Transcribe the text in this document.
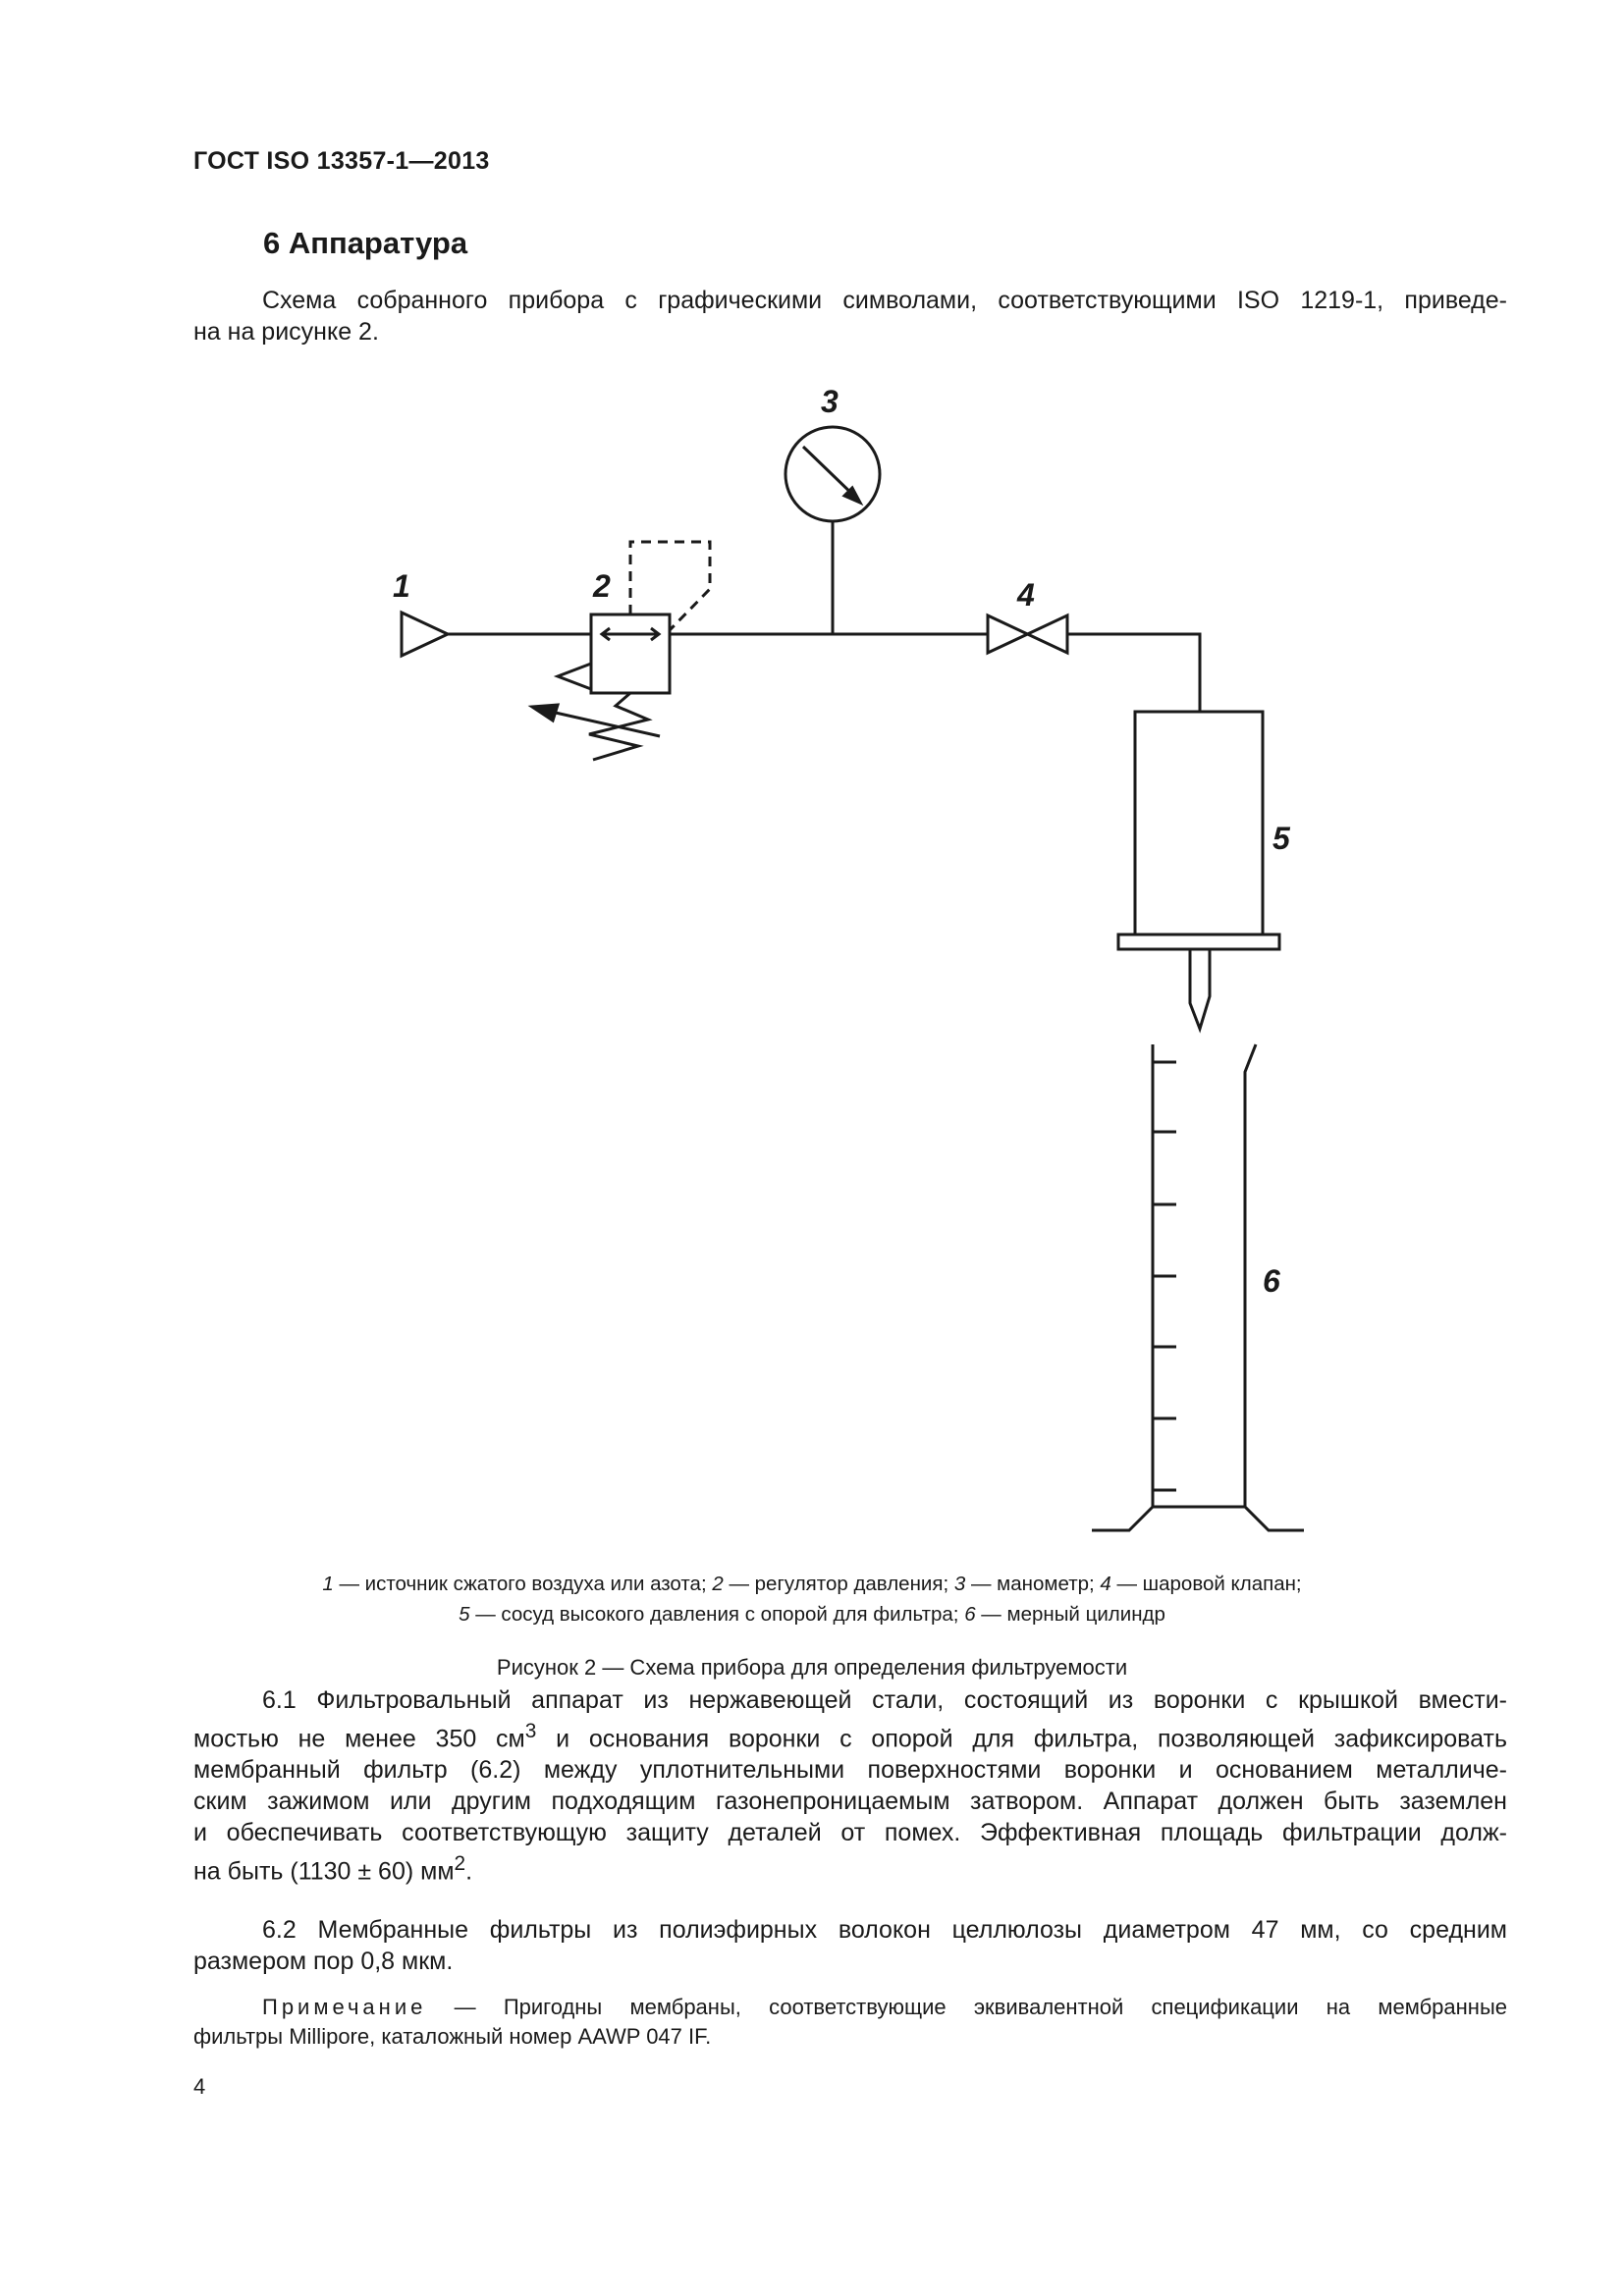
ГОСТ ISO 13357-1—2013
6 Аппаратура

Схема собранного прибора с графическими символами, соответствующими ISO 1219-1, приведе-
на на рисунке 2.

1	2
3
4
5
6
1 — источник сжатого воздуха или азота; 2 — регулятор давления; 3 — манометр; 4 — шаровой клапан;
5 — сосуд высокого давления с опорой для фильтра; 6 — мерный цилиндр
Рисунок 2 — Схема прибора для определения фильтруемости

6.1 Фильтровальный аппарат из нержавеющей стали, состоящий из воронки с крышкой вмести-
мостью не менее 350 $см^3$ и основания воронки с опорой для фильтра, позволяющей зафиксировать
мембранный фильтр (6.2) между уплотнительными поверхностями воронки и основанием металличе-
ским зажимом или другим подходящим газонепроницаемым затвором. Аппарат должен быть заземлен
и обеспечивать соответствующую защиту деталей от помех. Эффективная площадь фильтрации долж-
на быть (1130 ± 60) $мм^2$.

6.2 Мембранные фильтры из полиэфирных волокон целлюлозы диаметром 47 мм, со средним
размером пор 0,8 мкм.

Примечание — Пригодны мембраны, соответствующие эквивалентной спецификации на мембранные
фильтры Millipore, каталожный номер AAWP 047 IF.

4
